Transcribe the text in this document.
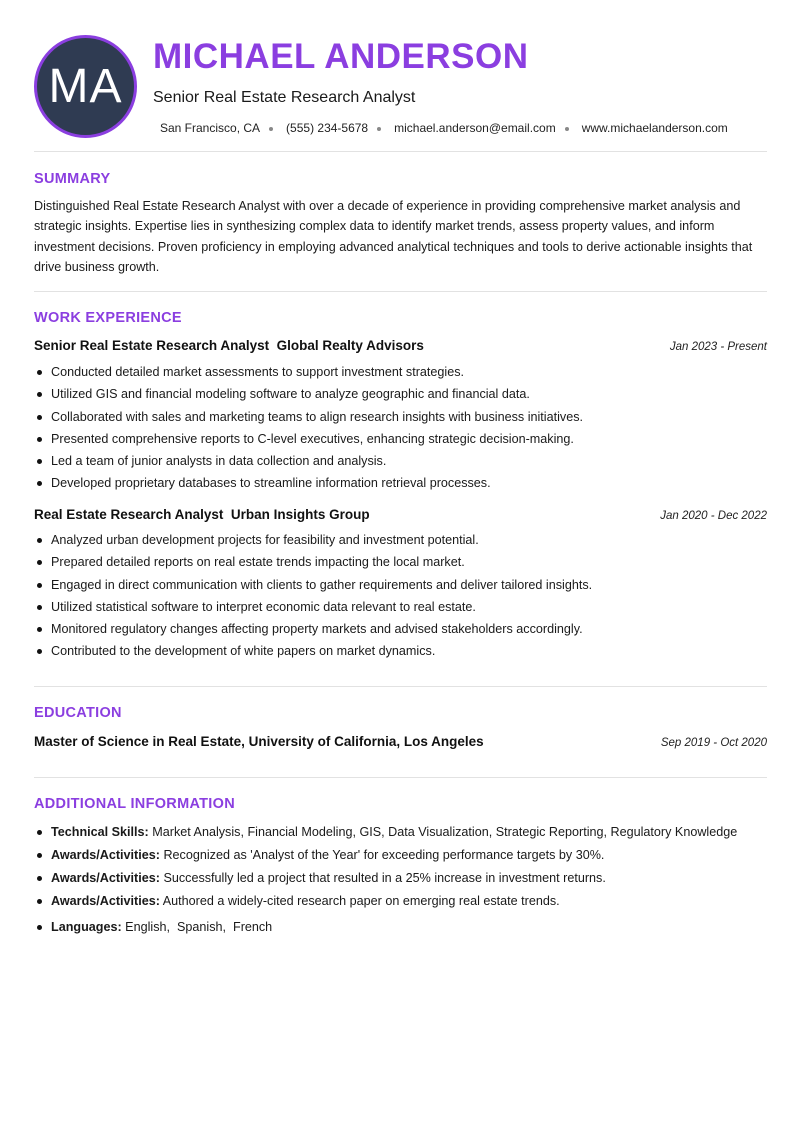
MA
MICHAEL ANDERSON
Senior Real Estate Research Analyst
San Francisco, CA (555) 234-5678 michael.anderson@email.com www.michaelanderson.com
SUMMARY
Distinguished Real Estate Research Analyst with over a decade of experience in providing comprehensive market analysis and strategic insights. Expertise lies in synthesizing complex data to identify market trends, assess property values, and inform investment decisions. Proven proficiency in employing advanced analytical techniques and tools to derive actionable insights that drive business growth.
WORK EXPERIENCE
Senior Real Estate Research Analyst  Global Realty Advisors	Jan 2023 - Present
Conducted detailed market assessments to support investment strategies.
Utilized GIS and financial modeling software to analyze geographic and financial data.
Collaborated with sales and marketing teams to align research insights with business initiatives.
Presented comprehensive reports to C-level executives, enhancing strategic decision-making.
Led a team of junior analysts in data collection and analysis.
Developed proprietary databases to streamline information retrieval processes.
Real Estate Research Analyst  Urban Insights Group	Jan 2020 - Dec 2022
Analyzed urban development projects for feasibility and investment potential.
Prepared detailed reports on real estate trends impacting the local market.
Engaged in direct communication with clients to gather requirements and deliver tailored insights.
Utilized statistical software to interpret economic data relevant to real estate.
Monitored regulatory changes affecting property markets and advised stakeholders accordingly.
Contributed to the development of white papers on market dynamics.
EDUCATION
Master of Science in Real Estate, University of California, Los Angeles	Sep 2019 - Oct 2020
ADDITIONAL INFORMATION
Technical Skills: Market Analysis, Financial Modeling, GIS, Data Visualization, Strategic Reporting, Regulatory Knowledge
Awards/Activities: Recognized as 'Analyst of the Year' for exceeding performance targets by 30%.
Awards/Activities: Successfully led a project that resulted in a 25% increase in investment returns.
Awards/Activities: Authored a widely-cited research paper on emerging real estate trends.
Languages: English,  Spanish,  French
